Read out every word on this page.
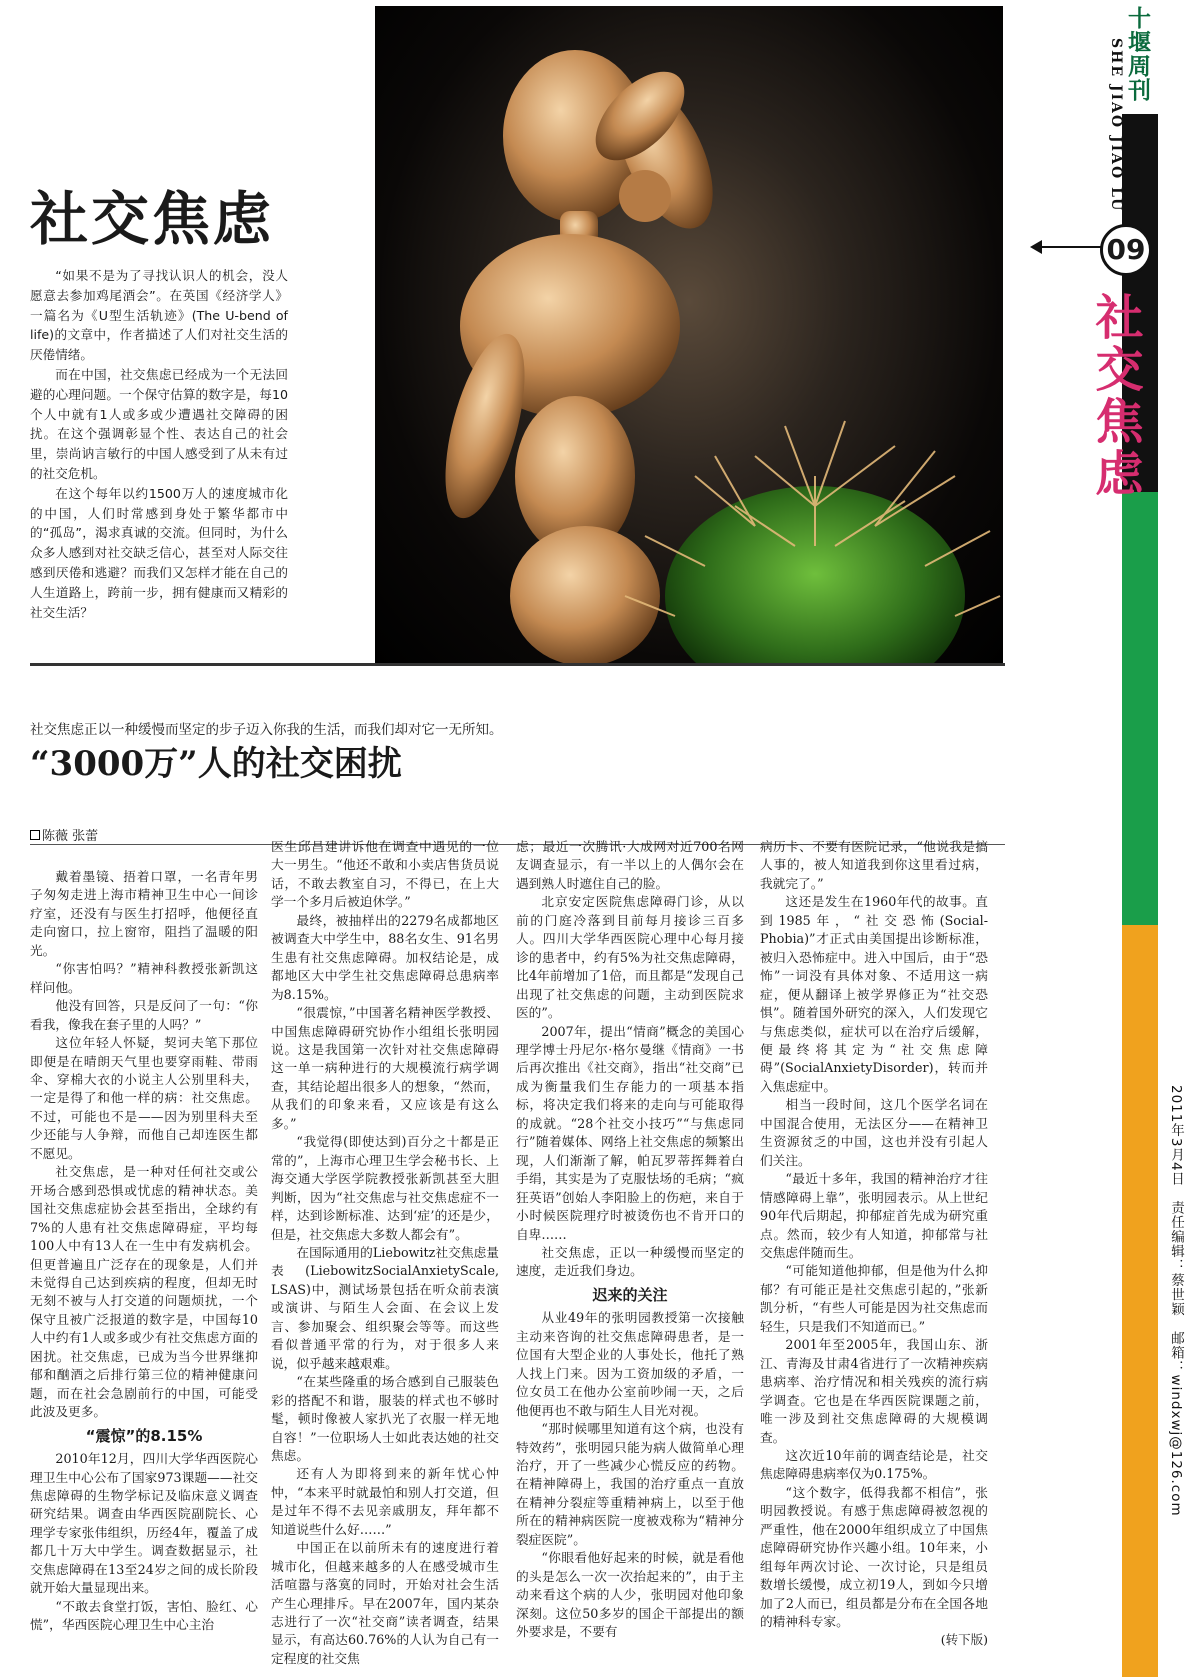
社交焦虑

“如果不是为了寻找认识人的机会，没人愿意去参加鸡尾酒会”。在英国《经济学人》一篇名为《U型生活轨迹》(The U-bend of life)的文章中，作者描述了人们对社交生活的厌倦情绪。

而在中国，社交焦虑已经成为一个无法回避的心理问题。一个保守估算的数字是，每10个人中就有1人或多或少遭遇社交障碍的困扰。在这个强调彰显个性、表达自己的社会里，崇尚讷言敏行的中国人感受到了从未有过的社交危机。

在这个每年以约1500万人的速度城市化的中国，人们时常感到身处于繁华都市中的“孤岛”，渴求真诚的交流。但同时，为什么众多人感到对社交缺乏信心，甚至对人际交往感到厌倦和逃避？而我们又怎样才能在自己的人生道路上，跨前一步，拥有健康而又精彩的社交生活？

社交焦虑正以一种缓慢而坚定的步子迈入你我的生活，而我们却对它一无所知。
“3000万”人的社交困扰
陈薇 张蕾

戴着墨镜、捂着口罩，一名青年男子匆匆走进上海市精神卫生中心一间诊疗室，还没有与医生打招呼，他便径直走向窗口，拉上窗帘，阻挡了温暖的阳光。

“你害怕吗？”精神科教授张新凯这样问他。

他没有回答，只是反问了一句：“你看我，像我在套子里的人吗？”

这位年轻人怀疑，契诃夫笔下那位即便是在晴朗天气里也要穿雨鞋、带雨伞、穿棉大衣的小说主人公别里科夫，一定是得了和他一样的病：社交焦虑。不过，可能也不是——因为别里科夫至少还能与人争辩，而他自己却连医生都不愿见。

社交焦虑，是一种对任何社交或公开场合感到恐惧或忧虑的精神状态。美国社交焦虑症协会甚至指出，全球约有7%的人患有社交焦虑障碍症，平均每100人中有13人在一生中有发病机会。但更普遍且广泛存在的现象是，人们并未觉得自己达到疾病的程度，但却无时无刻不被与人打交道的问题烦扰，一个保守且被广泛报道的数字是，中国每10人中约有1人或多或少有社交焦虑方面的困扰。社交焦虑，已成为当今世界继抑郁和酗酒之后排行第三位的精神健康问题，而在社会急剧前行的中国，可能受此波及更多。

“震惊”的8.15%

2010年12月，四川大学华西医院心理卫生中心公布了国家973课题——社交焦虑障碍的生物学标记及临床意义调查研究结果。调查由华西医院副院长、心理学专家张伟组织，历经4年，覆盖了成都几十万大中学生。调查数据显示，社交焦虑障碍在13至24岁之间的成长阶段就开始大量显现出来。

“不敢去食堂打饭，害怕、脸红、心慌”，华西医院心理卫生中心主治

医生邱昌建讲诉他在调查中遇见的一位大一男生。“他还不敢和小卖店售货员说话，不敢去教室自习，不得已，在上大学一个多月后被迫休学。”

最终，被抽样出的2279名成都地区被调查大中学生中，88名女生、91名男生患有社交焦虑障碍。加权结论是，成都地区大中学生社交焦虑障碍总患病率为8.15%。

“很震惊，”中国著名精神医学教授、中国焦虑障碍研究协作小组组长张明园说。这是我国第一次针对社交焦虑障碍这一单一病种进行的大规模流行病学调查，其结论超出很多人的想象，“然而，从我们的印象来看，又应该是有这么多。”

“我觉得(即使达到)百分之十都是正常的”，上海市心理卫生学会秘书长、上海交通大学医学院教授张新凯甚至大胆判断，因为“社交焦虑与社交焦虑症不一样，达到诊断标准、达到‘症’的还是少，但是，社交焦虑大多数人都会有”。

在国际通用的Liebowitz社交焦虑量表(LiebowitzSocialAnxietyScale, LSAS)中，测试场景包括在听众前表演或演讲、与陌生人会面、在会议上发言、参加聚会、组织聚会等等。而这些看似普通平常的行为，对于很多人来说，似乎越来越艰难。

“在某些隆重的场合感到自己服装色彩的搭配不和谐，服装的样式也不够时髦，顿时像被人家扒光了衣服一样无地自容！”一位职场人士如此表达她的社交焦虑。

还有人为即将到来的新年忧心忡忡，“本来平时就最怕和别人打交道，但是过年不得不去见亲戚朋友，拜年都不知道说些什么好……”

中国正在以前所未有的速度进行着城市化，但越来越多的人在感受城市生活喧嚣与落寞的同时，开始对社会生活产生心理排斥。早在2007年，国内某杂志进行了一次“社交商”读者调查，结果显示，有高达60.76%的人认为自己有一定程度的社交焦

虑；最近一次腾讯·大成网对近700名网友调查显示，有一半以上的人偶尔会在遇到熟人时遮住自己的脸。

北京安定医院焦虑障碍门诊，从以前的门庭冷落到目前每月接诊三百多人。四川大学华西医院心理中心每月接诊的患者中，约有5%为社交焦虑障碍，比4年前增加了1倍，而且都是“发现自己出现了社交焦虑的问题，主动到医院求医的”。

2007年，提出“情商”概念的美国心理学博士丹尼尔·格尔曼继《情商》一书后再次推出《社交商》，指出“社交商”已成为衡量我们生存能力的一项基本指标，将决定我们将来的走向与可能取得的成就。“28个社交小技巧”“与焦虑同行”随着媒体、网络上社交焦虑的频繁出现，人们渐渐了解，帕瓦罗蒂挥舞着白手绢，其实是为了克服怯场的毛病；“疯狂英语”创始人李阳脸上的伤疤，来自于小时候医院理疗时被烫伤也不肯开口的自卑……

社交焦虑，正以一种缓慢而坚定的速度，走近我们身边。

迟来的关注

从业49年的张明园教授第一次接触主动来咨询的社交焦虑障碍患者，是一位国有大型企业的人事处长，他托了熟人找上门来。因为工资加级的矛盾，一位女员工在他办公室前吵闹一天，之后他便再也不敢与陌生人目光对视。

“那时候哪里知道有这个病，也没有特效药”，张明园只能为病人做简单心理治疗，开了一些减少心慌反应的药物。在精神障碍上，我国的治疗重点一直放在精神分裂症等重精神病上，以至于他所在的精神病医院一度被戏称为“精神分裂症医院”。

“你眼看他好起来的时候，就是看他的头是怎么一次一次抬起来的”，由于主动来看这个病的人少，张明园对他印象深刻。这位50多岁的国企干部提出的额外要求是，不要有

病历卡、不要有医院记录，“他说我是搞人事的，被人知道我到你这里看过病，我就完了。”

这还是发生在1960年代的故事。直到1985年，“社交恐怖(Social-Phobia)”才正式由美国提出诊断标准，被归入恐怖症中。进入中国后，由于“恐怖”一词没有具体对象、不适用这一病症，便从翻译上被学界修正为“社交恐惧”。随着国外研究的深入，人们发现它与焦虑类似，症状可以在治疗后缓解，便最终将其定为“社交焦虑障碍”(SocialAnxietyDisorder)，转而并入焦虑症中。

相当一段时间，这几个医学名词在中国混合使用，无法区分——在精神卫生资源贫乏的中国，这也并没有引起人们关注。

“最近十多年，我国的精神治疗才往情感障碍上靠”，张明园表示。从上世纪90年代后期起，抑郁症首先成为研究重点。然而，较少有人知道，抑郁常与社交焦虑伴随而生。

“可能知道他抑郁，但是他为什么抑郁？有可能正是社交焦虑引起的，”张新凯分析，“有些人可能是因为社交焦虑而轻生，只是我们不知道而已。”

2001年至2005年，我国山东、浙江、青海及甘肃4省进行了一次精神疾病患病率、治疗情况和相关残疾的流行病学调查。它也是在华西医院课题之前，唯一涉及到社交焦虑障碍的大规模调查。

这次近10年前的调查结论是，社交焦虑障碍患病率仅为0.175%。

“这个数字，低得我都不相信”，张明园教授说。有感于焦虑障碍被忽视的严重性，他在2000年组织成立了中国焦虑障碍研究协作兴趣小组。10年来，小组每年两次讨论、一次讨论，只是组员数增长缓慢，成立初19人，到如今只增加了2人而已，组员都是分布在全国各地的精神科专家。

(转下版)

十堰周刊
SHE JIAO JIAO LU
09
社交焦虑
2011年3月4日　责任编辑：蔡世颖　邮箱：windxwj@126.com
